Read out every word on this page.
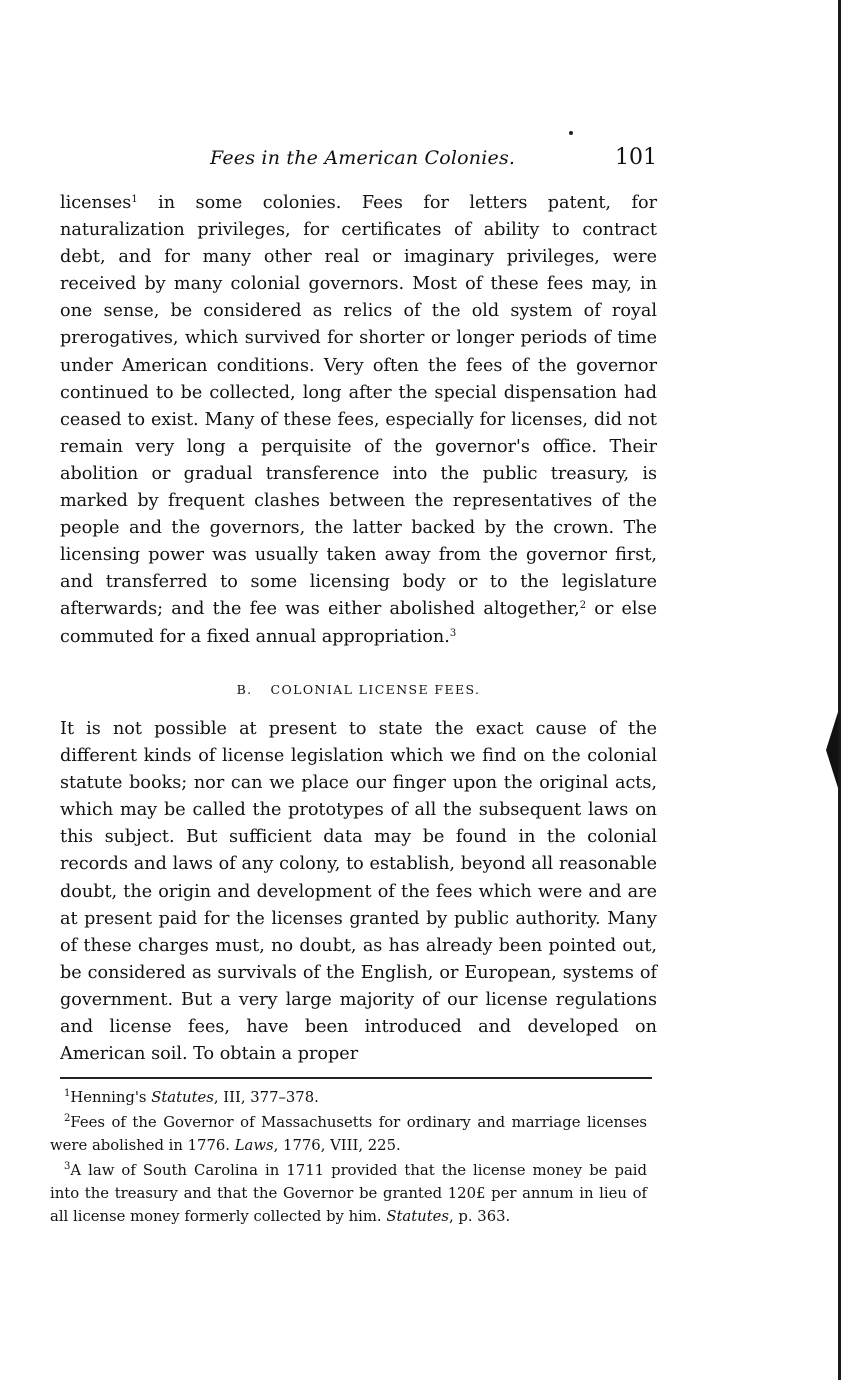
Fees in the American Colonies.	101

licenses$^1$ in some colonies. Fees for letters patent, for naturalization privileges, for certificates of ability to contract debt, and for many other real or imaginary privileges, were received by many colonial governors. Most of these fees may, in one sense, be considered as relics of the old system of royal prerogatives, which survived for shorter or longer periods of time under American conditions. Very often the fees of the governor continued to be collected, long after the special dispensation had ceased to exist. Many of these fees, especially for licenses, did not remain very long a perquisite of the governor's office. Their abolition or gradual transference into the public treasury, is marked by frequent clashes between the representatives of the people and the governors, the latter backed by the crown. The licensing power was usually taken away from the governor first, and transferred to some licensing body or to the legislature afterwards; and the fee was either abolished altogether,$^2$ or else commuted for a fixed annual appropriation.$^3$

B. COLONIAL LICENSE FEES.

It is not possible at present to state the exact cause of the different kinds of license legislation which we find on the colonial statute books; nor can we place our finger upon the original acts, which may be called the prototypes of all the subsequent laws on this subject. But sufficient data may be found in the colonial records and laws of any colony, to establish, beyond all reasonable doubt, the origin and development of the fees which were and are at present paid for the licenses granted by public authority. Many of these charges must, no doubt, as has already been pointed out, be considered as survivals of the English, or European, systems of government. But a very large majority of our license regulations and license fees, have been introduced and developed on American soil. To obtain a proper

$^1$Henning's Statutes, III, 377–378.

$^2$Fees of the Governor of Massachusetts for ordinary and marriage licenses were abolished in 1776. Laws, 1776, VIII, 225.

$^3$A law of South Carolina in 1711 provided that the license money be paid into the treasury and that the Governor be granted 120£ per annum in lieu of all license money formerly collected by him. Statutes, p. 363.
